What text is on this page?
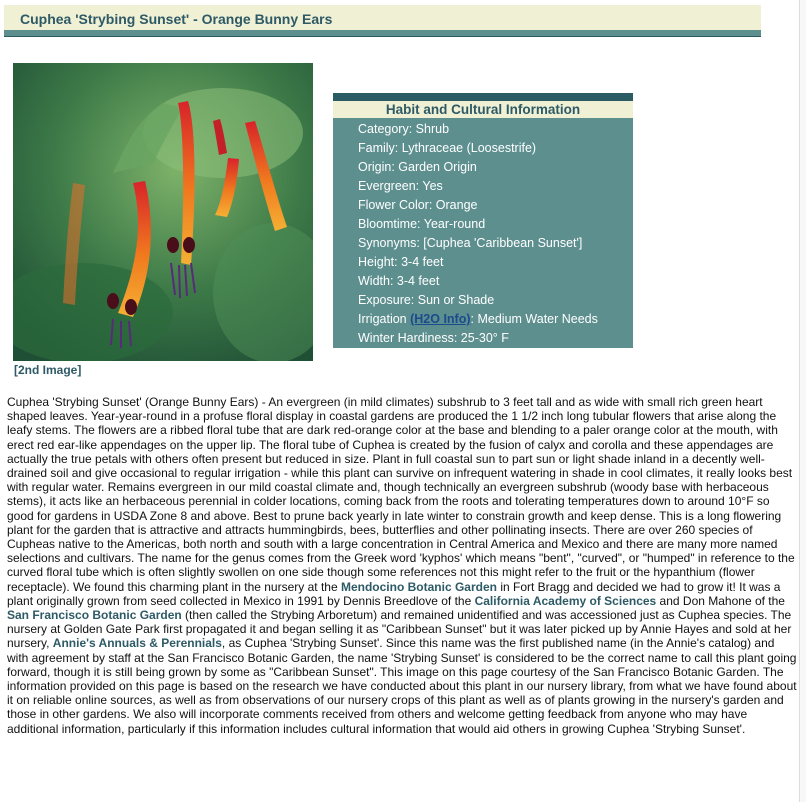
Cuphea 'Strybing Sunset' - Orange Bunny Ears
[2nd Image]
Habit and Cultural Information
Category: Shrub
Family: Lythraceae (Loosestrife)
Origin: Garden Origin
Evergreen: Yes
Flower Color: Orange
Bloomtime: Year-round
Synonyms: [Cuphea 'Caribbean Sunset']
Height: 3-4 feet
Width: 3-4 feet
Exposure: Sun or Shade
Irrigation (H2O Info): Medium Water Needs
Winter Hardiness: 25-30° F
Cuphea 'Strybing Sunset' (Orange Bunny Ears) - An evergreen (in mild climates) subshrub to 3 feet tall and as wide with small rich green heart shaped leaves. Year-year-round in a profuse floral display in coastal gardens are produced the 1 1/2 inch long tubular flowers that arise along the leafy stems. The flowers are a ribbed floral tube that are dark red-orange color at the base and blending to a paler orange color at the mouth, with erect red ear-like appendages on the upper lip. The floral tube of Cuphea is created by the fusion of calyx and corolla and these appendages are actually the true petals with others often present but reduced in size. Plant in full coastal sun to part sun or light shade inland in a decently well-drained soil and give occasional to regular irrigation - while this plant can survive on infrequent watering in shade in cool climates, it really looks best with regular water. Remains evergreen in our mild coastal climate and, though technically an evergreen subshrub (woody base with herbaceous stems), it acts like an herbaceous perennial in colder locations, coming back from the roots and tolerating temperatures down to around 10°F so good for gardens in USDA Zone 8 and above. Best to prune back yearly in late winter to constrain growth and keep dense. This is a long flowering plant for the garden that is attractive and attracts hummingbirds, bees, butterflies and other pollinating insects. There are over 260 species of Cupheas native to the Americas, both north and south with a large concentration in Central America and Mexico and there are many more named selections and cultivars. The name for the genus comes from the Greek word 'kyphos' which means "bent", "curved", or "humped" in reference to the curved floral tube which is often slightly swollen on one side though some references not this might refer to the fruit or the hypanthium (flower receptacle). We found this charming plant in the nursery at the Mendocino Botanic Garden in Fort Bragg and decided we had to grow it! It was a plant originally grown from seed collected in Mexico in 1991 by Dennis Breedlove of the California Academy of Sciences and Don Mahone of the San Francisco Botanic Garden (then called the Strybing Arboretum) and remained unidentified and was accessioned just as Cuphea species. The nursery at Golden Gate Park first propagated it and began selling it as "Caribbean Sunset" but it was later picked up by Annie Hayes and sold at her nursery, Annie's Annuals & Perennials, as Cuphea 'Strybing Sunset'. Since this name was the first published name (in the Annie's catalog) and with agreement by staff at the San Francisco Botanic Garden, the name 'Strybing Sunset' is considered to be the correct name to call this plant going forward, though it is still being grown by some as "Caribbean Sunset". This image on this page courtesy of the San Francisco Botanic Garden. The information provided on this page is based on the research we have conducted about this plant in our nursery library, from what we have found about it on reliable online sources, as well as from observations of our nursery crops of this plant as well as of plants growing in the nursery's garden and those in other gardens. We also will incorporate comments received from others and welcome getting feedback from anyone who may have additional information, particularly if this information includes cultural information that would aid others in growing Cuphea 'Strybing Sunset'.
